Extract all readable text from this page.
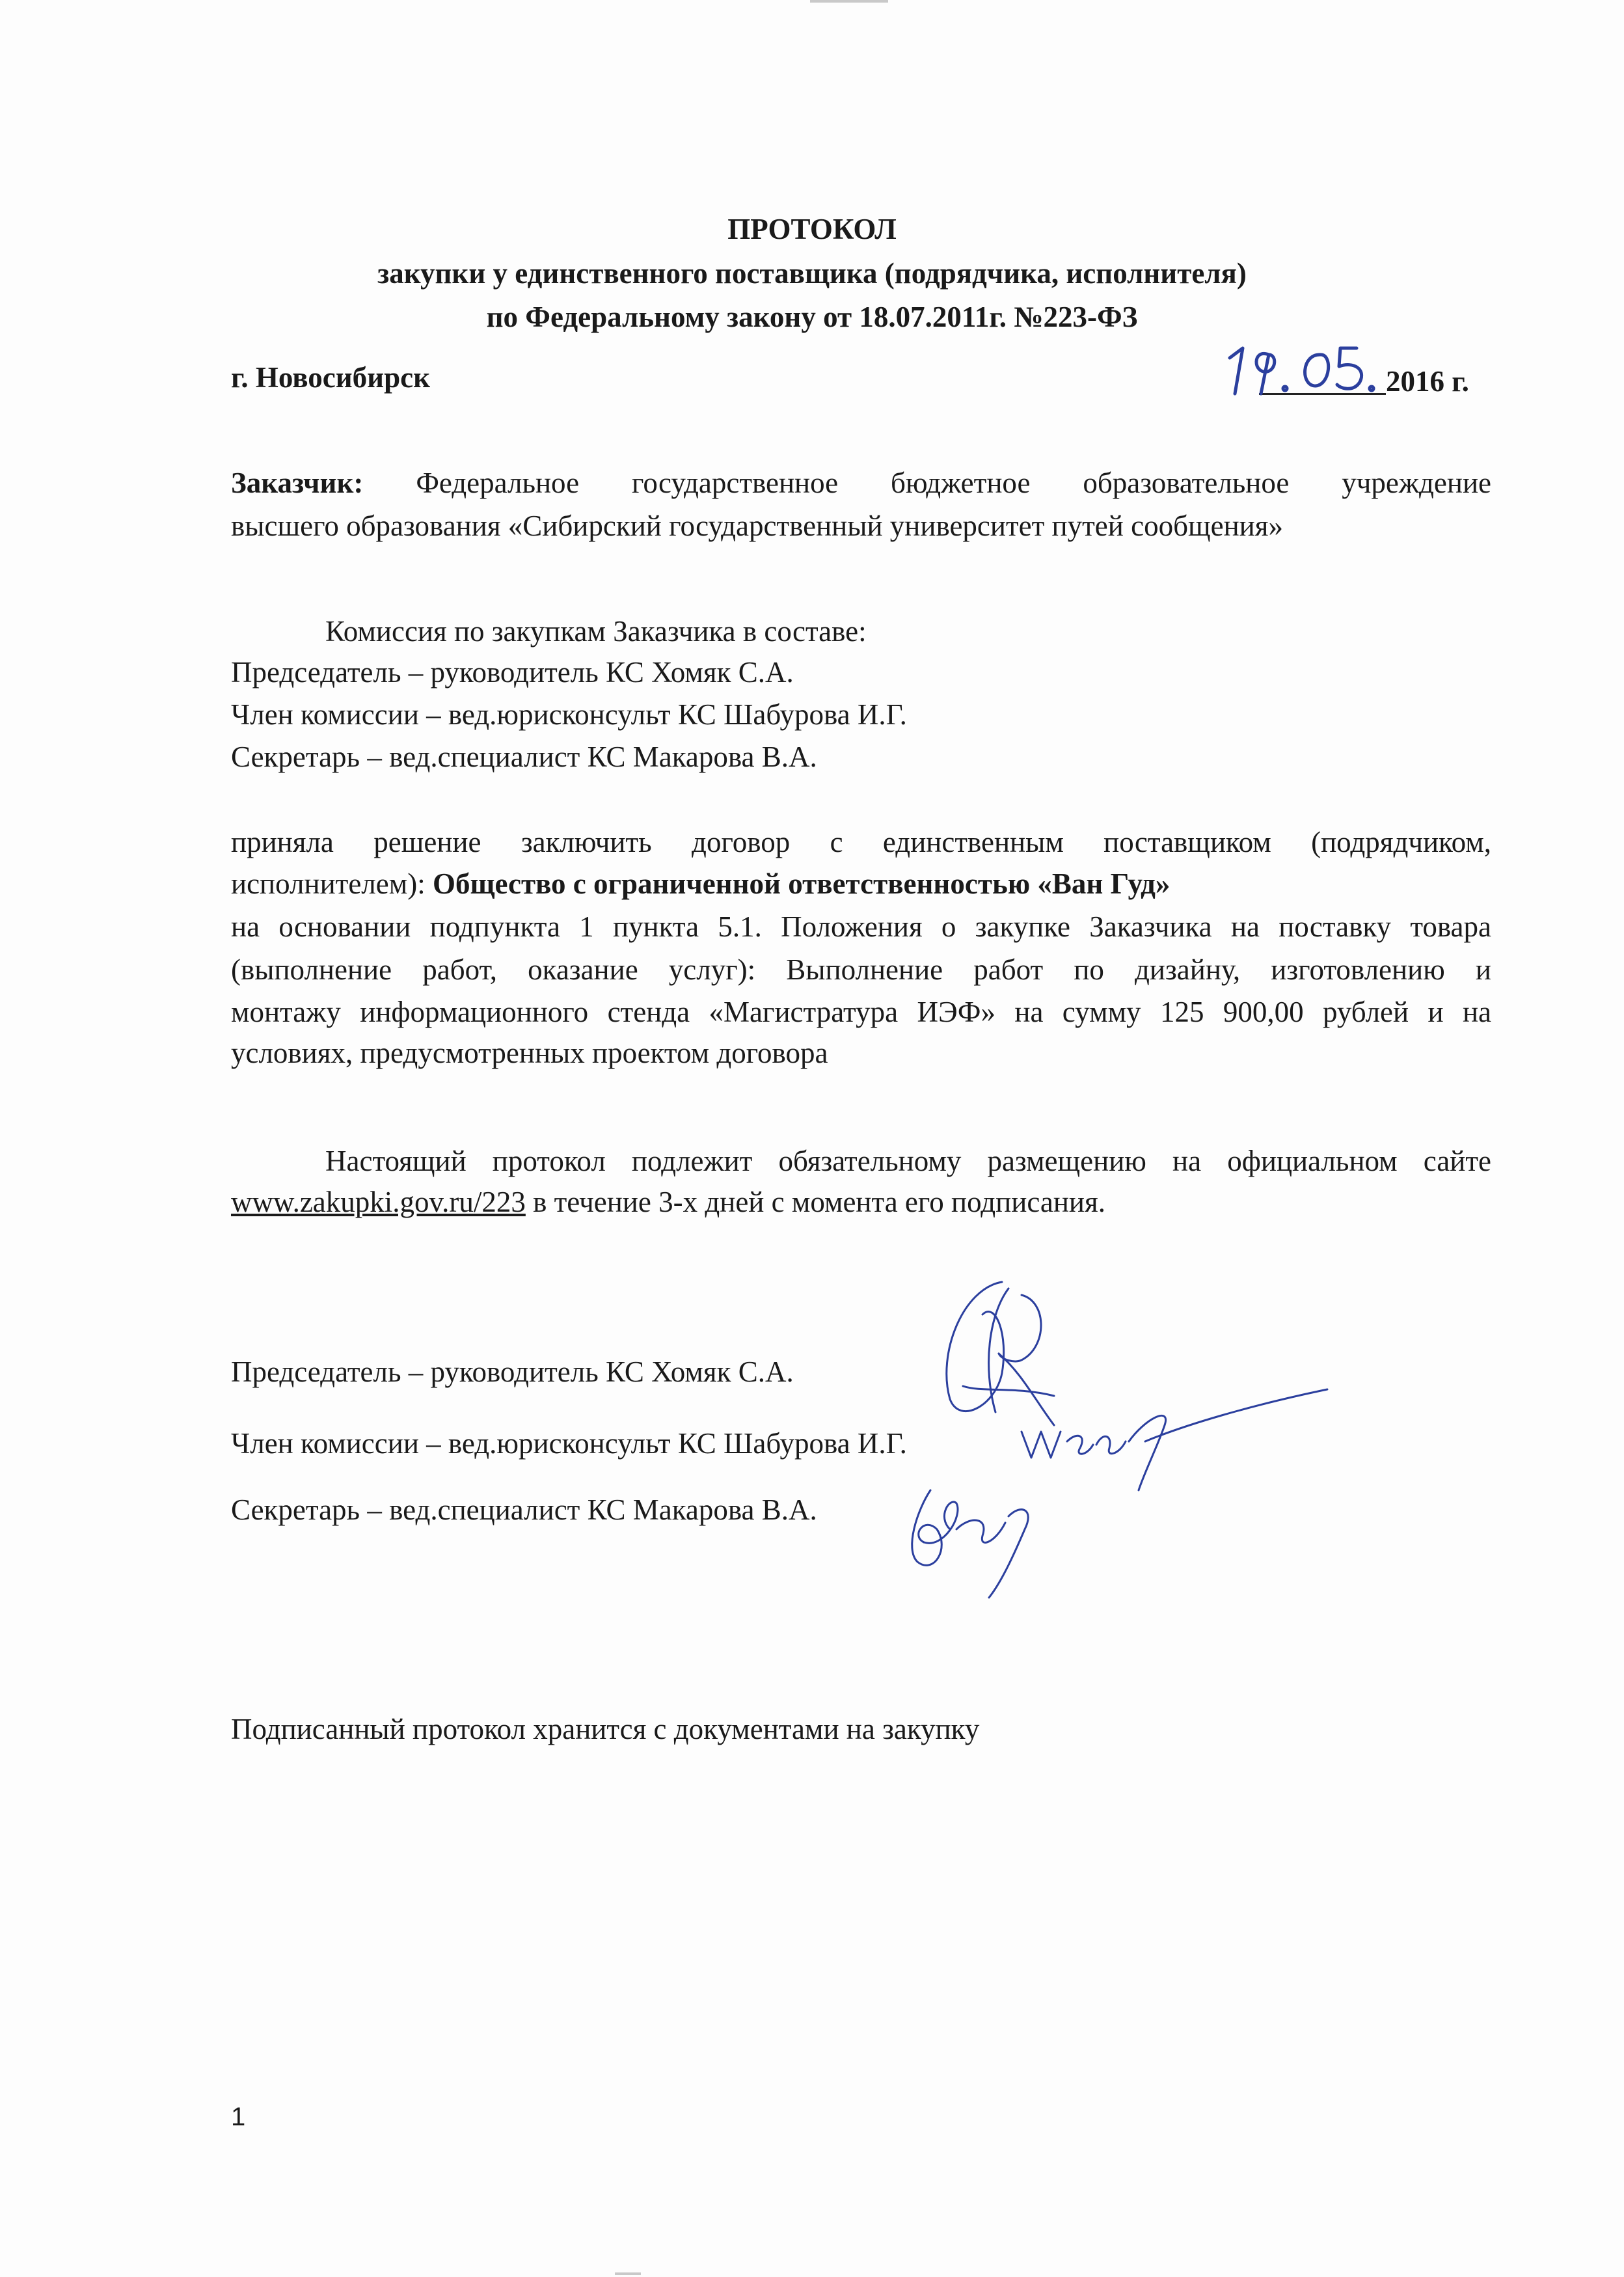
ПРОТОКОЛ
закупки у единственного поставщика (подрядчика, исполнителя)
по Федеральному закону от 18.07.2011г. №223-ФЗ
г. Новосибирск	2016 г.
Заказчик: Федеральное государственное бюджетное образовательное учреждение
высшего образования «Сибирский государственный университет путей сообщения»
Комиссия по закупкам Заказчика в составе:
Председатель – руководитель КС Хомяк С.А.
Член комиссии – вед.юрисконсульт КС Шабурова И.Г.
Секретарь – вед.специалист КС Макарова В.А.
приняла решение заключить договор с единственным поставщиком (подрядчиком,
исполнителем): Общество с ограниченной ответственностью «Ван Гуд»
на основании подпункта 1 пункта 5.1. Положения о закупке Заказчика на поставку товара
(выполнение работ, оказание услуг): Выполнение работ по дизайну, изготовлению и
монтажу информационного стенда «Магистратура ИЭФ» на сумму 125 900,00 рублей и на
условиях, предусмотренных проектом договора
Настоящий протокол подлежит обязательному размещению на официальном сайте
www.zakupki.gov.ru/223 в течение 3-х дней с момента его подписания.
Председатель – руководитель КС Хомяк С.А.
Член комиссии – вед.юрисконсульт КС Шабурова И.Г.
Секретарь – вед.специалист КС Макарова В.А.
Подписанный протокол хранится с документами на закупку
1
